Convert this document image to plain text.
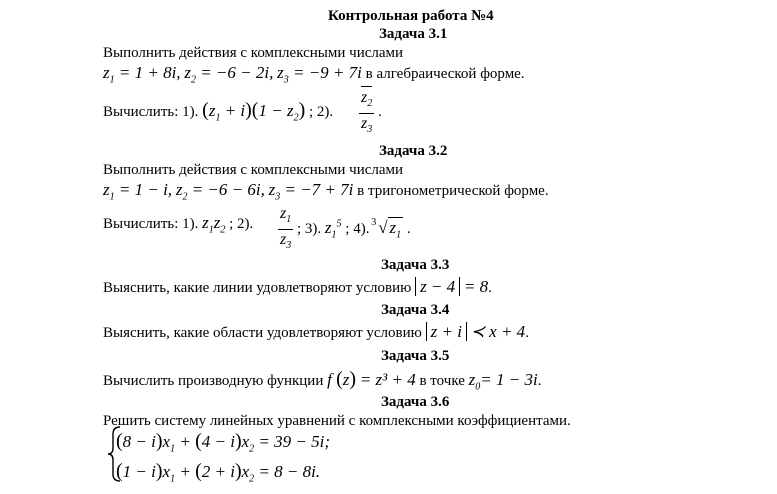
Контрольная работа №4
Задача 3.1
Выполнить действия с комплексными числами
$z_1 = 1 + 8i$, $z_2 = -6 - 2i$, $z_3 = -9 + 7i$ в алгебраической форме.
Вычислить: 1). $(z_1 + i)(1 - z_2)$ ; 2). $\frac{z_2}{z_3}$ .
Задача 3.2
Выполнить действия с комплексными числами
$z_1 = 1 - i$, $z_2 = -6 - 6i$, $z_3 = -7 + 7i$ в тригонометрической форме.
Вычислить: 1). $z_1z_2$ ; 2). $\frac{z_1}{z_3}$ ; 3). $z_1^5$ ; 4). 3 √ $z_1$ .
Задача 3.3
Выяснить, какие линии удовлетворяют условию z − 4 = 8.
Задача 3.4
Выяснить, какие области удовлетворяют условию z + i ≺ x + 4.
Задача 3.5
Вычислить производную функции f (z) = z³ + 4 в точке $z_0= 1 - 3i$.
Задача 3.6
Решить систему линейных уравнений с комплексными коэффициентами.
$(8 - i)x_1 + (4 - i)x_2 = 39 - 5i$;
$(1 - i)x_1 + (2 + i)x_2 = 8 - 8i$.
